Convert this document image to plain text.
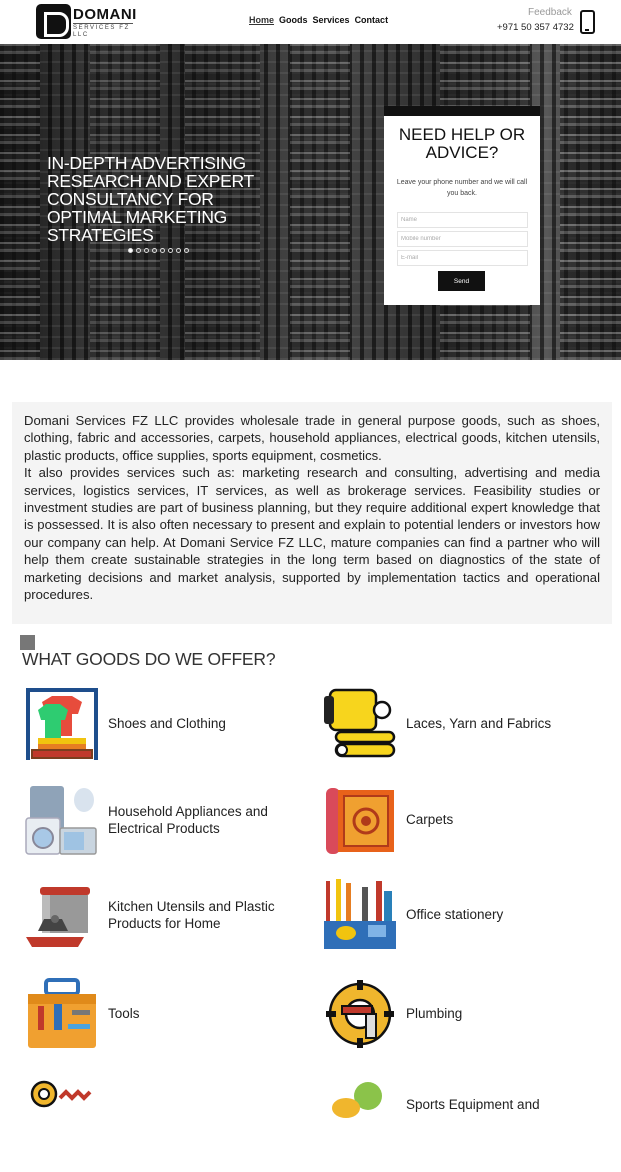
DOMANI
SERVICES FZ LLC
Home Goods Services Contact
Feedback
+971 50 357 4732
IN-DEPTH ADVERTISING RESEARCH AND EXPERT CONSULTANCY FOR OPTIMAL MARKETING STRATEGIES
NEED HELP OR ADVICE?
Leave your phone number and we will call you back.
Name
Mobile number
E-mail
Send

Domani Services FZ LLC provides wholesale trade in general purpose goods, such as shoes, clothing, fabric and accessories, carpets, household appliances, electrical goods, kitchen utensils, plastic products, office supplies, sports equipment, cosmetics.

It also provides services such as: marketing research and consulting, advertising and media services, logistics services, IT services, as well as brokerage services. Feasibility studies or investment studies are part of business planning, but they require additional expert knowledge that is possessed. It is also often necessary to present and explain to potential lenders or investors how our company can help. At Domani Service FZ LLC, mature companies can find a partner who will help them create sustainable strategies in the long term based on diagnostics of the state of marketing decisions and market analysis, supported by implementation tactics and operational procedures.

WHAT GOODS DO WE OFFER?
Shoes and Clothing	Laces, Yarn and Fabrics
Household Appliances and Electrical Products
Carpets
Kitchen Utensils and Plastic Products for Home
Office stationery
Tools	Plumbing
Sports Equipment and
